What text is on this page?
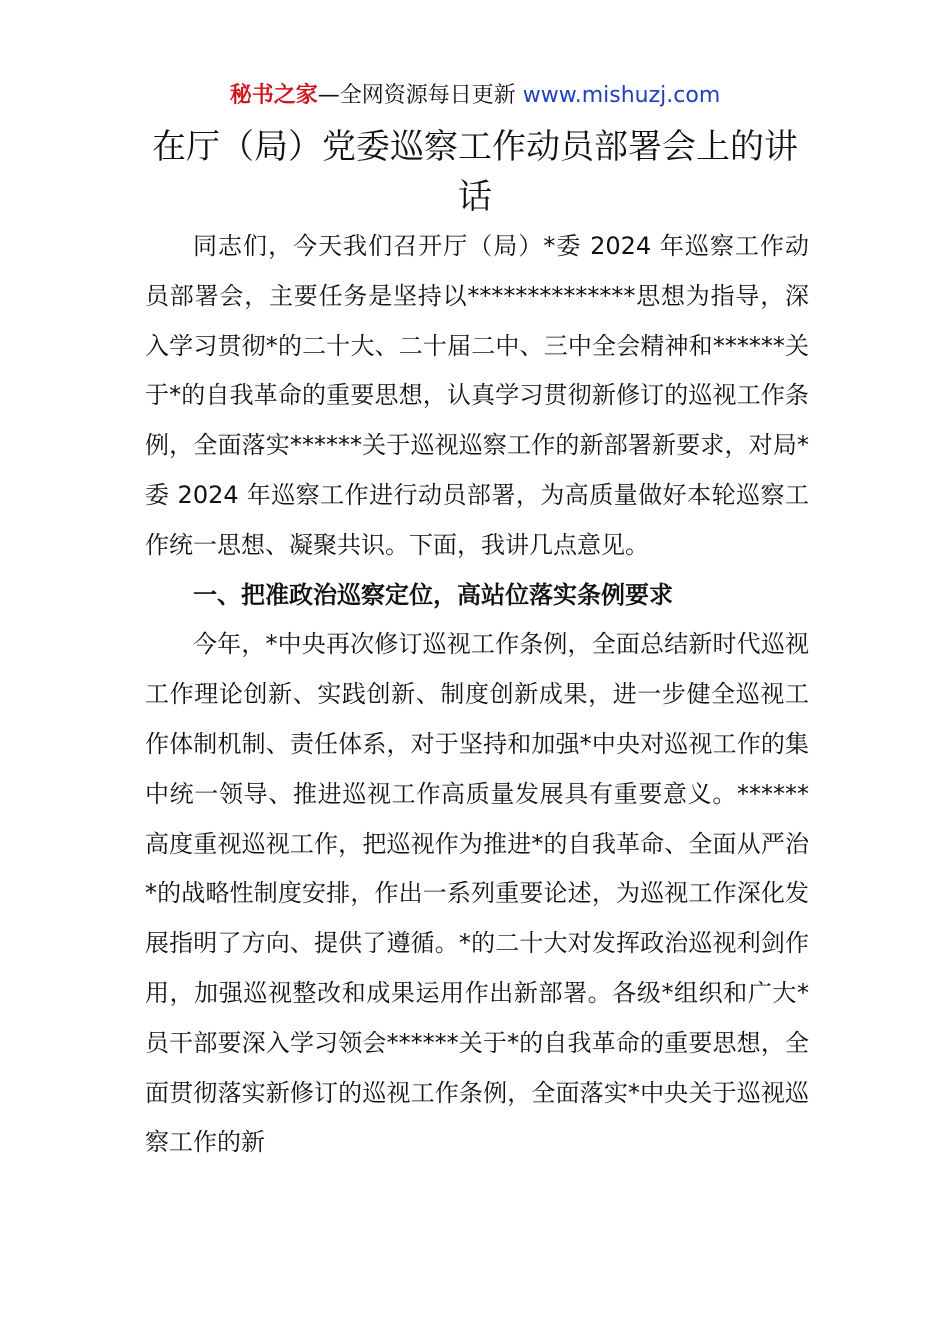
秘书之家—全网资源每日更新 www.mishuzj.com
在厅（局）党委巡察工作动员部署会上的讲话

同志们，今天我们召开厅（局）*委 2024 年巡察工作动员部署会，主要任务是坚持以**************思想为指导，深入学习贯彻*的二十大、二十届二中、三中全会精神和******关于*的自我革命的重要思想，认真学习贯彻新修订的巡视工作条例，全面落实******关于巡视巡察工作的新部署新要求，对局*委 2024 年巡察工作进行动员部署，为高质量做好本轮巡察工作统一思想、凝聚共识。下面，我讲几点意见。

一、把准政治巡察定位，高站位落实条例要求

今年，*中央再次修订巡视工作条例，全面总结新时代巡视工作理论创新、实践创新、制度创新成果，进一步健全巡视工作体制机制、责任体系，对于坚持和加强*中央对巡视工作的集中统一领导、推进巡视工作高质量发展具有重要意义。******高度重视巡视工作，把巡视作为推进*的自我革命、全面从严治*的战略性制度安排，作出一系列重要论述，为巡视工作深化发展指明了方向、提供了遵循。*的二十大对发挥政治巡视利剑作用，加强巡视整改和成果运用作出新部署。各级*组织和广大*员干部要深入学习领会******关于*的自我革命的重要思想，全面贯彻落实新修订的巡视工作条例，全面落实*中央关于巡视巡察工作的新
